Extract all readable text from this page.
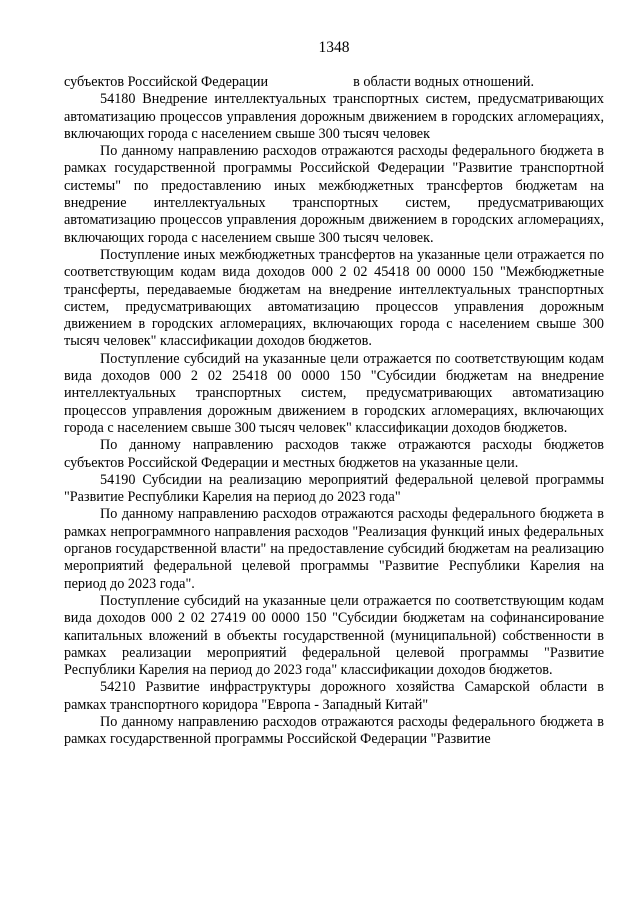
1348

субъектов Российской Федерации	в области водных отношений.

54180 Внедрение интеллектуальных транспортных систем, предусматривающих автоматизацию процессов управления дорожным движением в городских агломерациях, включающих города с населением свыше 300 тысяч человек

По данному направлению расходов отражаются расходы федерального бюджета в рамках государственной программы Российской Федерации "Развитие транспортной системы" по предоставлению иных межбюджетных трансфертов бюджетам на внедрение интеллектуальных транспортных систем, предусматривающих автоматизацию процессов управления дорожным движением в городских агломерациях, включающих города с населением свыше 300 тысяч человек.

Поступление иных межбюджетных трансфертов на указанные цели отражается по соответствующим кодам вида доходов 000 2 02 45418 00 0000 150 "Межбюджетные трансферты, передаваемые бюджетам на внедрение интеллектуальных транспортных систем, предусматривающих автоматизацию процессов управления дорожным движением в городских агломерациях, включающих города с населением свыше 300 тысяч человек" классификации доходов бюджетов.

Поступление субсидий на указанные цели отражается по соответствующим кодам вида доходов 000 2 02 25418 00 0000 150 "Субсидии бюджетам на внедрение интеллектуальных транспортных систем, предусматривающих автоматизацию процессов управления дорожным движением в городских агломерациях, включающих города с населением свыше 300 тысяч человек" классификации доходов бюджетов.

По данному направлению расходов также отражаются расходы бюджетов субъектов Российской Федерации и местных бюджетов на указанные цели.

54190 Субсидии на реализацию мероприятий федеральной целевой программы "Развитие Республики Карелия на период до 2023 года"

По данному направлению расходов отражаются расходы федерального бюджета в рамках непрограммного направления расходов "Реализация функций иных федеральных органов государственной власти" на предоставление субсидий бюджетам на реализацию мероприятий федеральной целевой программы "Развитие Республики Карелия на период до 2023 года".

Поступление субсидий на указанные цели отражается по соответствующим кодам вида доходов 000 2 02 27419 00 0000 150 "Субсидии бюджетам на софинансирование капитальных вложений в объекты государственной (муниципальной) собственности в рамках реализации мероприятий федеральной целевой программы "Развитие Республики Карелия на период до 2023 года" классификации доходов бюджетов.

54210 Развитие инфраструктуры дорожного хозяйства Самарской области в рамках транспортного коридора "Европа - Западный Китай"

По данному направлению расходов отражаются расходы федерального бюджета в рамках государственной программы Российской Федерации "Развитие
